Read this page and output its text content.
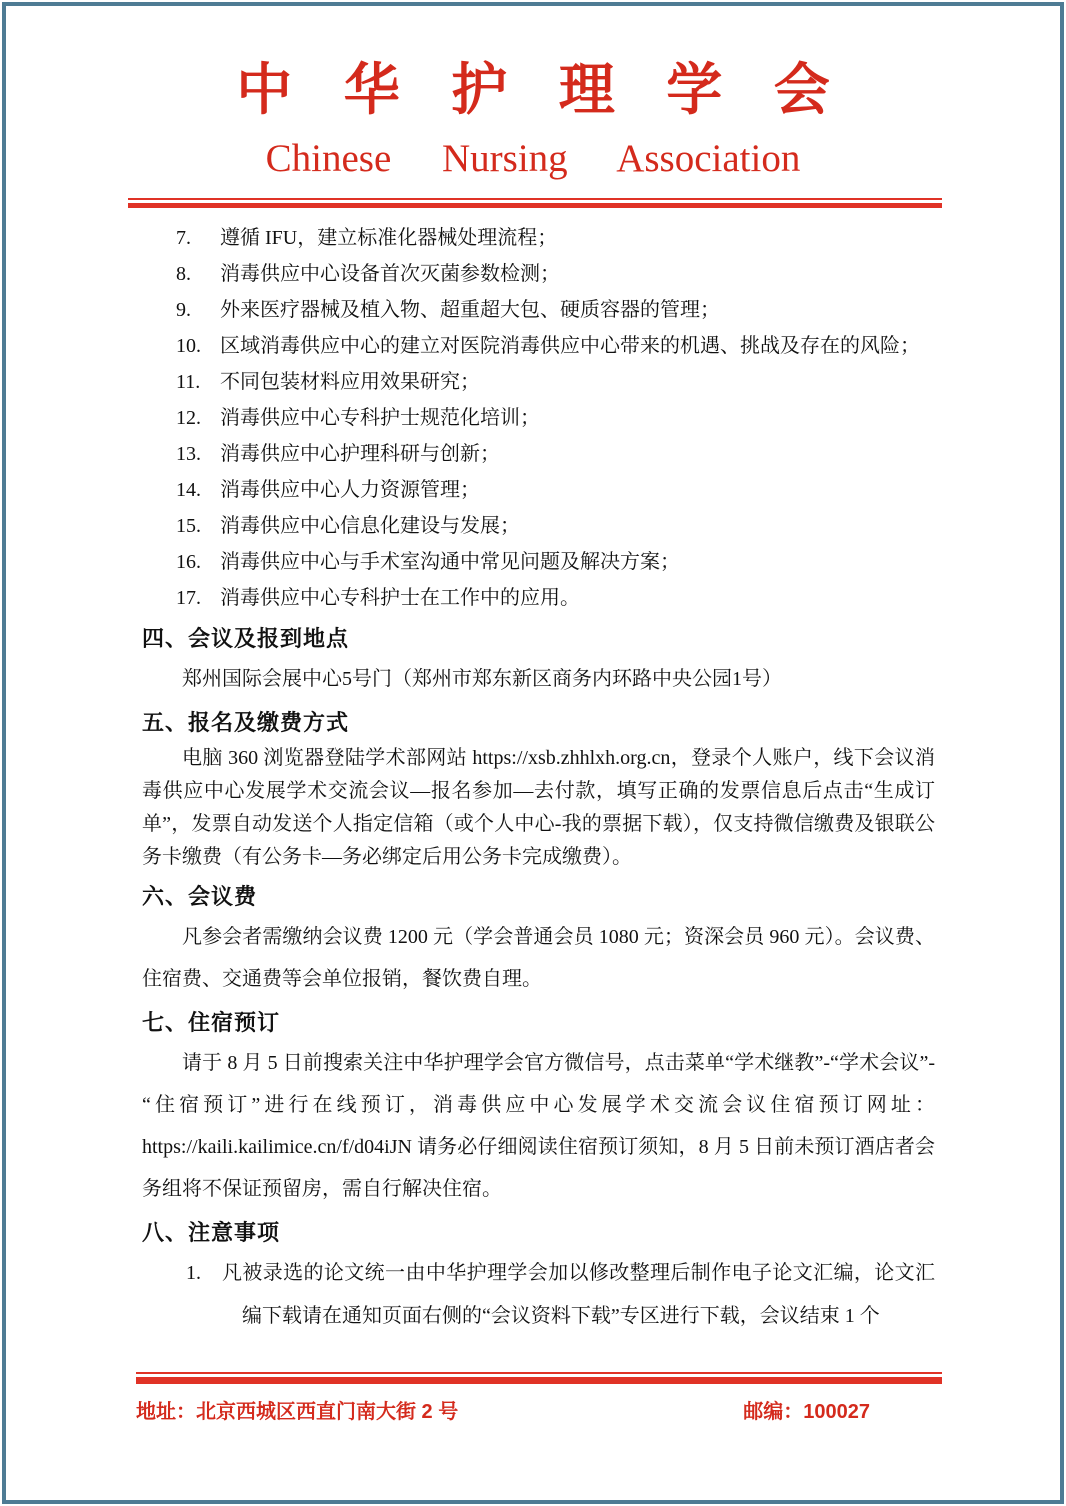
中华护理学会
Chinese Nursing Association
7.	遵循 IFU，建立标准化器械处理流程；
8.	消毒供应中心设备首次灭菌参数检测；
9.	外来医疗器械及植入物、超重超大包、硬质容器的管理；
10. 区域消毒供应中心的建立对医院消毒供应中心带来的机遇、挑战及存在的风险；
11. 不同包装材料应用效果研究；
12. 消毒供应中心专科护士规范化培训；
13. 消毒供应中心护理科研与创新；
14. 消毒供应中心人力资源管理；
15. 消毒供应中心信息化建设与发展；
16. 消毒供应中心与手术室沟通中常见问题及解决方案；
17. 消毒供应中心专科护士在工作中的应用。
四、会议及报到地点

郑州国际会展中心5号门（郑州市郑东新区商务内环路中央公园1号）

五、报名及缴费方式

电脑 360 浏览器登陆学术部网站 https://xsb.zhhlxh.org.cn，登录个人账户，线下会议消毒供应中心发展学术交流会议—报名参加—去付款，填写正确的发票信息后点击“生成订单”，发票自动发送个人指定信箱（或个人中心-我的票据下载），仅支持微信缴费及银联公务卡缴费（有公务卡—务必绑定后用公务卡完成缴费）。

六、会议费

凡参会者需缴纳会议费 1200 元（学会普通会员 1080 元；资深会员 960 元）。会议费、住宿费、交通费等会单位报销，餐饮费自理。

七、住宿预订

请于 8 月 5 日前搜索关注中华护理学会官方微信号，点击菜单“学术继教”-“学术会议”-“住宿预订”进行在线预订，消毒供应中心发展学术交流会议住宿预订网址：https://kaili.kailimice.cn/f/d04iJN 请务必仔细阅读住宿预订须知，8 月 5 日前未预订酒店者会务组将不保证预留房，需自行解决住宿。

八、注意事项
1. 凡被录选的论文统一由中华护理学会加以修改整理后制作电子论文汇编，论文汇编下载请在通知页面右侧的“会议资料下载”专区进行下载，会议结束 1 个
地址：北京西城区西直门南大街 2 号	邮编：100027
